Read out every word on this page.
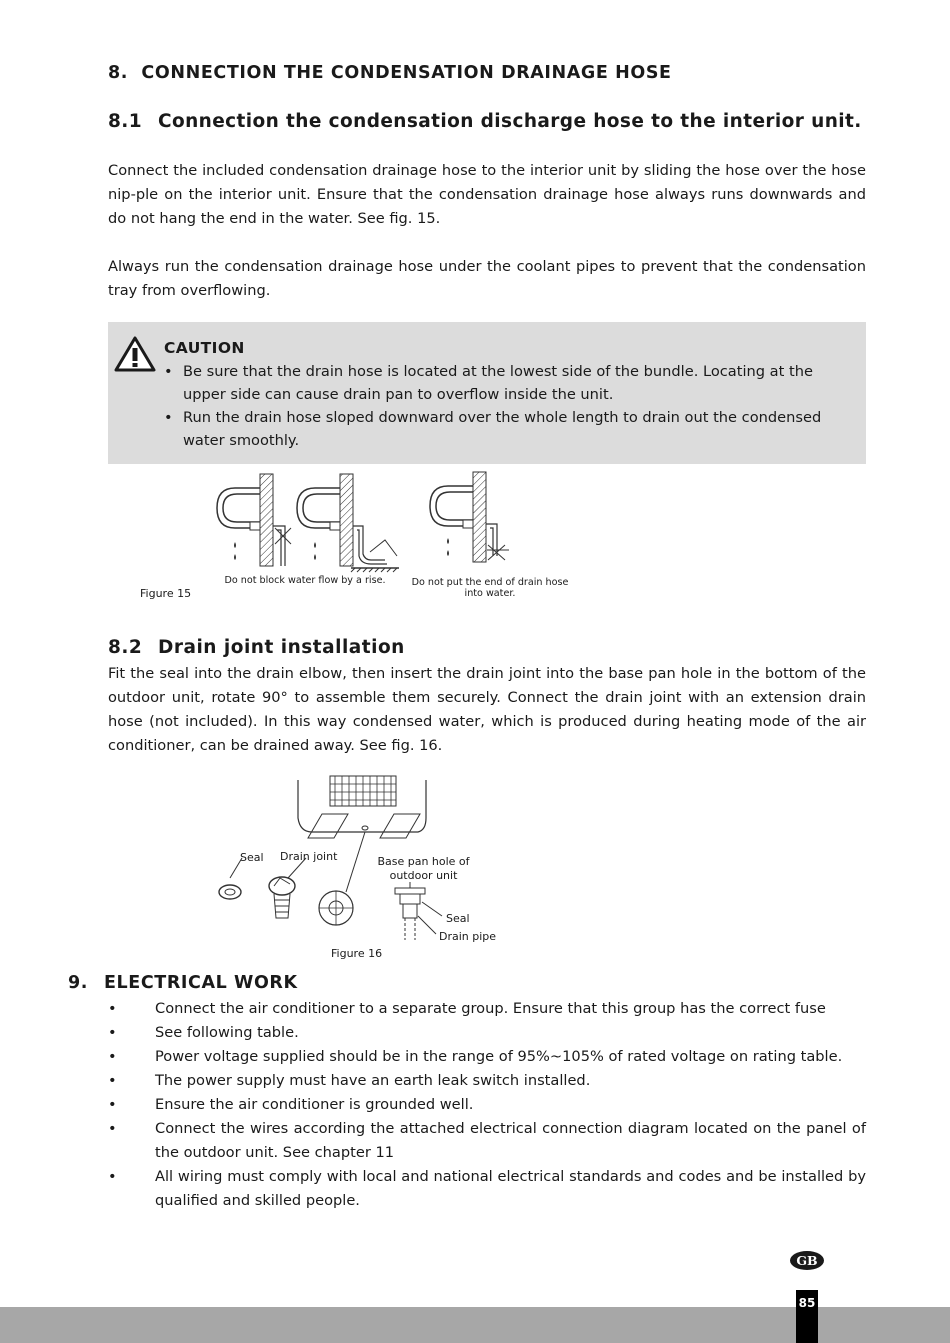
8. CONNECTION THE CONDENSATION DRAINAGE HOSE
8.1 Connection the condensation discharge hose to the interior unit.
Connect the included condensation drainage hose to the interior unit by sliding the hose over the hose nip-ple on the interior unit. Ensure that the condensation drainage hose always runs downwards and do not hang the end in the water. See fig. 15.
Always run the condensation drainage hose under the coolant pipes to prevent that the condensation tray from overflowing.
CAUTION
• Be sure that the drain hose is located at the lowest side of the bundle. Locating at the upper side can cause drain pan to overflow inside the unit.
• Run the drain hose sloped downward over the whole length to drain out the condensed water smoothly.
Do not block water flow by a rise.	Do not put the end of drain hose into water.
Figure 15
8.2 Drain joint installation
Fit the seal into the drain elbow, then insert the drain joint into the base pan hole in the bottom of the outdoor unit, rotate 90° to assemble them securely. Connect the drain joint with an extension drain hose (not included). In this way condensed water, which is produced during heating mode of the air conditioner, can be drained away. See fig. 16.
Seal Drain joint	Base pan hole of outdoor unit
Seal
Drain pipe
Figure 16
9. ELECTRICAL WORK
• Connect the air conditioner to a separate group. Ensure that this group has the correct fuse
• See following table.
• Power voltage supplied should be in the range of 95%~105% of rated voltage on rating table.
• The power supply must have an earth leak switch installed.
• Ensure the air conditioner is grounded well.
• Connect the wires according the attached electrical connection diagram located on the panel of the outdoor unit. See chapter 11
• All wiring must comply with local and national electrical standards and codes and be installed by qualified and skilled people.
GB
85
